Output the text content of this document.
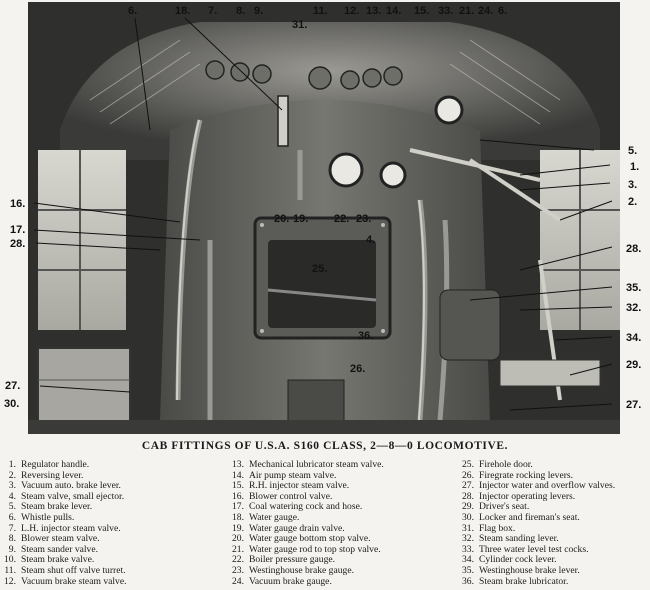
6.	18. 7. 8. 9.	11. 12. 13. 14. 15. 33. 21. 24. 6.
31.
5.
1.
3.
2.
28.
35.
32.
34.
29.
27.
16.
17.
28.
27.
30.
20. 19. 22. 23.
4.
25.
36.
26.
CAB FITTINGS OF U.S.A. S160 CLASS, 2—8—0 LOCOMOTIVE.
1. Regulator handle.
2. Reversing lever.
3. Vacuum auto. brake lever.
4. Steam valve, small ejector.
5. Steam brake lever.
6. Whistle pulls.
7. L.H. injector steam valve.
8. Blower steam valve.
9. Steam sander valve.
10. Steam brake valve.
11. Steam shut off valve turret.
12. Vacuum brake steam valve.
13. Mechanical lubricator steam valve.
14. Air pump steam valve.
15. R.H. injector steam valve.
16. Blower control valve.
17. Coal watering cock and hose.
18. Water gauge.
19. Water gauge drain valve.
20. Water gauge bottom stop valve.
21. Water gauge rod to top stop valve.
22. Boiler pressure gauge.
23. Westinghouse brake gauge.
24. Vacuum brake gauge.
25. Firehole door.
26. Firegrate rocking levers.
27. Injector water and overflow valves.
28. Injector operating levers.
29. Driver's seat.
30. Locker and fireman's seat.
31. Flag box.
32. Steam sanding lever.
33. Three water level test cocks.
34. Cylinder cock lever.
35. Westinghouse brake lever.
36. Steam brake lubricator.
